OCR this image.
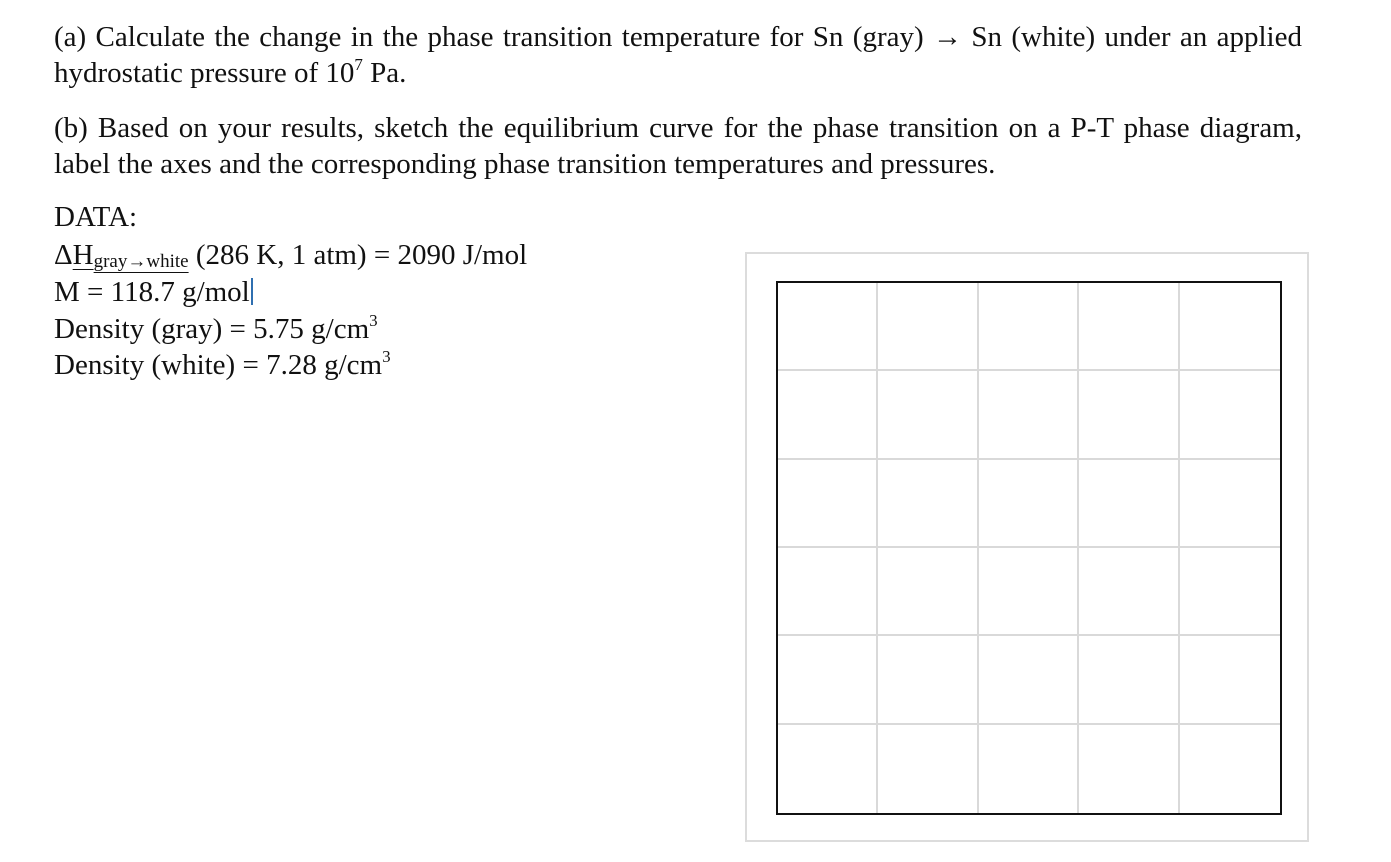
(a) Calculate the change in the phase transition temperature for Sn (gray) → Sn (white) under an applied hydrostatic pressure of $10^7$ Pa.

(b) Based on your results, sketch the equilibrium curve for the phase transition on a P-T phase diagram, label the axes and the corresponding phase transition temperatures and pressures.

DATA:

ΔHgray→white (286 K, 1 atm) = 2090 J/mol

M = 118.7 g/mol

Density (gray) = 5.75 $g/cm^3$

Density (white) = 7.28 $g/cm^3$
